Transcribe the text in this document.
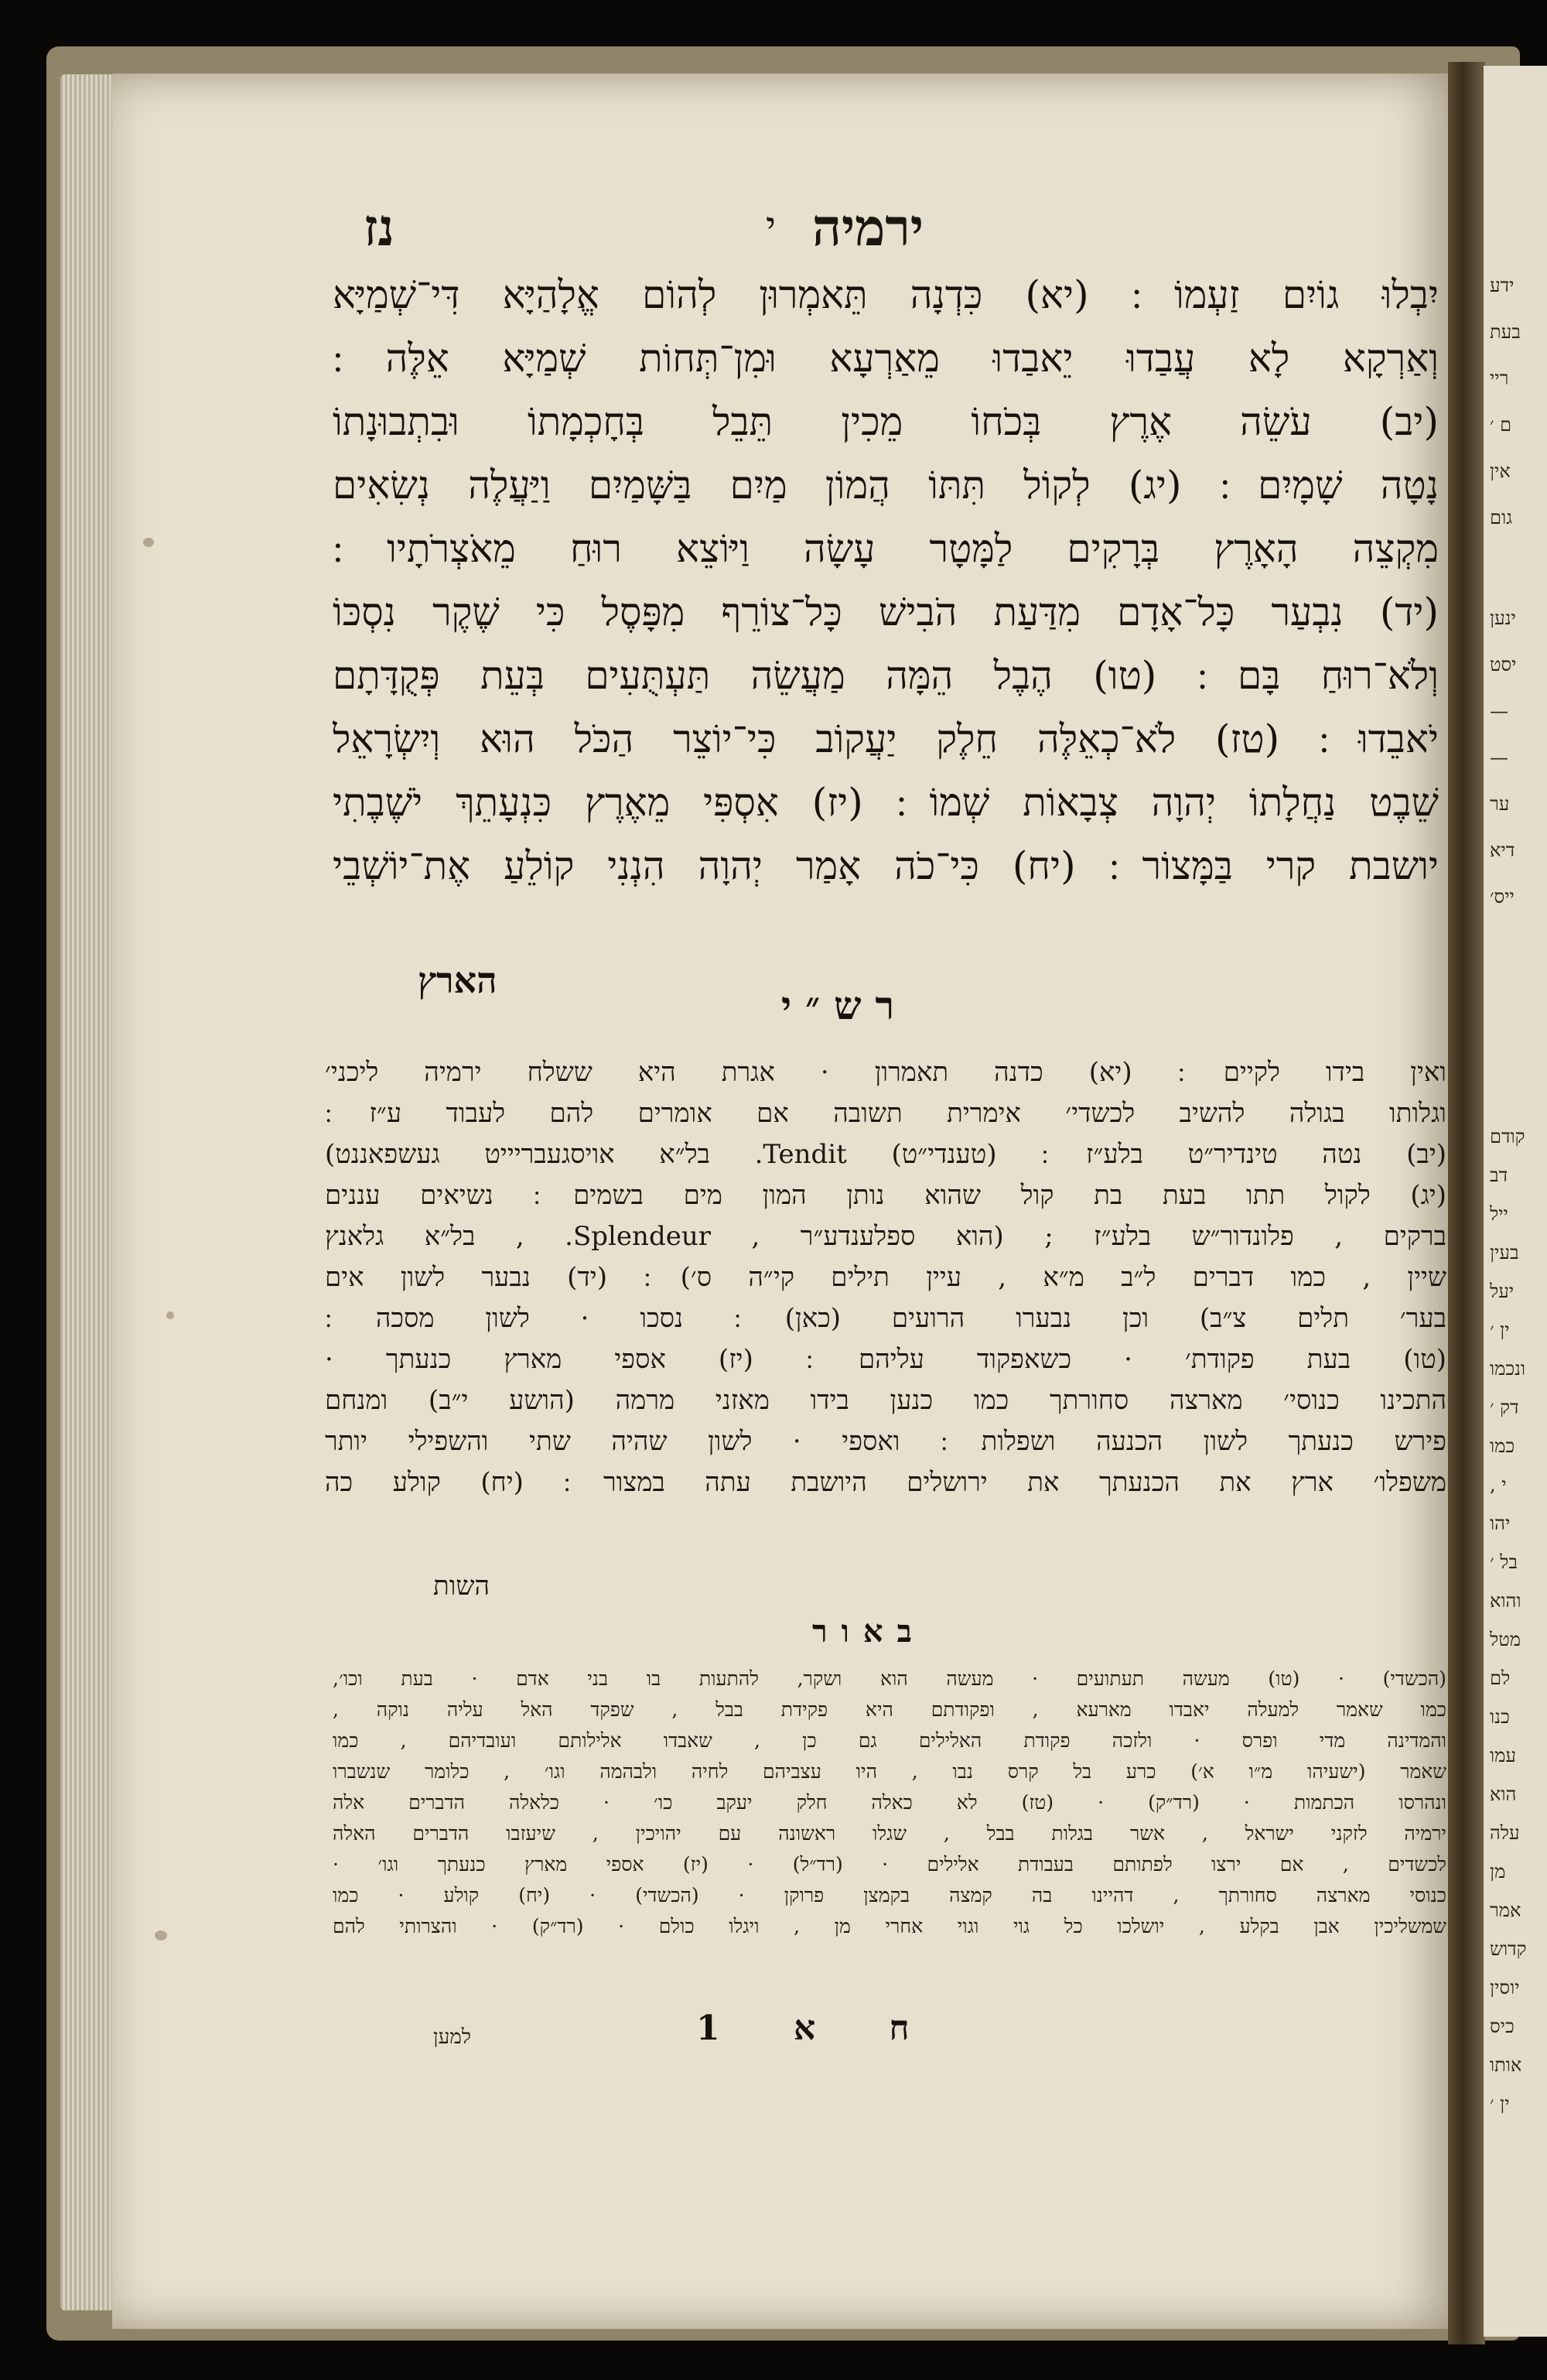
נז	י ירמיה
יִבְלוּ גוֹיִם זַעְמוֹ ׃ (יא) כִּדְנָה תֵּאמְרוּן לְהוֹם אֱלָהַיָּא דִּי־שְׁמַיָּא
וְאַרְקָא לָא עֲבַדוּ יֵאבַדוּ מֵאַרְעָא וּמִן־תְּחוֹת שְׁמַיָּא אֵלֶּה ׃
(יב) עֹשֵׂה אֶרֶץ בְּכֹחוֹ מֵכִין תֵּבֵל בְּחָכְמָתוֹ וּבִתְבוּנָתוֹ
נָטָה שָׁמָיִם ׃ (יג) לְקוֹל תִּתּוֹ הֲמוֹן מַיִם בַּשָּׁמַיִם וַיַּעֲלֶה נְשִׂאִים
מִקְצֵה הָאָרֶץ בְּרָקִים לַמָּטָר עָשָׂה וַיּוֹצֵא רוּחַ מֵאֹצְרֹתָיו ׃
(יד) נִבְעַר כָּל־אָדָם מִדַּעַת הֹבִישׁ כָּל־צוֹרֵף מִפָּסֶל כִּי שֶׁקֶר נִסְכּוֹ
וְלֹא־רוּחַ בָּם ׃ (טו) הֶבֶל הֵמָּה מַעֲשֵׂה תַּעְתֻּעִים בְּעֵת פְּקֻדָּתָם
יֹאבֵדוּ ׃ (טז) לֹא־כְאֵלֶּה חֵלֶק יַעֲקוֹב כִּי־יוֹצֵר הַכֹּל הוּא וְיִשְׂרָאֵל
שֵׁבֶט נַחֲלָתוֹ יְהוָה צְבָאוֹת שְׁמוֹ ׃ (יז) אִסְפִּי מֵאֶרֶץ כִּנְעָתֵךְ יֹשֶׁבֶתִי
יושבת קרי בַּמָּצוֹר ׃ (יח) כִּי־כֹה אָמַר יְהוָה הִנְנִי קוֹלֵעַ אֶת־יוֹשְׁבֵי
הארץ
רש״י
ואין בידו לקיים ׃ (יא) כדנה תאמרון · אגרת היא ששלח ירמיה ליכני׳
וגלותו בגולה להשיב לכשדי׳ אימרית תשובה אם אומרים להם לעבוד ע״ז ׃
(יב) נטה טינדיר״ט בלע״ז ׃ (טענדי״ט) Tendit. בל״א אויסגעבריייט געשפאננט)
(יג) לקול תתו בעת בת קול שהוא נותן המון מים בשמים ׃ נשיאים עננים
ברקים , פלונדור״ש בלע״ז ; (הוא ספלענדע״ר , Splendeur. , בל״א גלאנץ
שיין , כמו דברים ל״ב מ״א , עיין תילים קי״ה ס׳) ׃ (יד) נבער לשון אים
בער׳ תלים צ״ב) וכן נבערו הרועים (כאן) ׃ נסכו · לשון מסכה ׃
(טו) בעת פקודת׳ · כשאפקוד עליהם ׃ (יז) אספי מארץ כנעתך ·
התכינו כנוסי׳ מארצה סחורתך כמו כנען בידו מאזני מרמה (הושע י״ב) ומנחם
פירש כנעתך לשון הכנעה ושפלות ׃ ואספי · לשון שהיה שתי והשפילי יותר
משפלו׳ ארץ את הכנעתך את ירושלים היושבת עתה במצור ׃ (יח) קולע כה
השות
באור
(הכשדי) · (טו) מעשה תעתועים · מעשה הוא ושקר, להתעות בו בני אדם · בעת וכו׳,
כמו שאמר למעלה יאבדו מארעא , ופקודתם היא פקידת בבל , שפקד האל עליה נוקה ,
והמדינה מדי ופרס · ולזכה פקודת האלילים גם כן , שאבדו אלילותם ועובדיהם , כמו
שאמר (ישעיהו מ״ו א׳) כרע בל קרס נבו , היו עצביהם לחיה ולבהמה וגו׳ , כלומר שנשברו
ונהרסו הכתמות · (רד״ק) · (טז) לא כאלה חלק יעקב כו׳ · כלאלה הדברים אלה
ירמיה לזקני ישראל , אשר בגלות בבל , שגלו ראשונה עם יהויכין , שיעזבו הדברים האלה
לכשדים , אם ירצו לפתותם בעבודת אלילים · (רד״ל) · (יז) אספי מארץ כנעתך וגו׳ ·
כנוסי מארצה סחורתך , דהיינו בה קמצה בקמצן פרוקן · (הכשדי) · (יח) קולע · כמו
שמשליכין אבן בקלע , יושלכו כל גוי וגוי אחרי מן , ויגלו כולם · (רד״ק) · והצרותי להם
למען	ח א 1
ידע
בעת
ריי
ם ׳
אין
גום
ינען
יסט
—
—
ער
דיא
ייס׳
קודם
דב
ייל
בעין
יעל
ין ׳
ונכמו
דק ׳
כמו
י ,
יהו
בל ׳
והוא
מטל
לם
כנו
עמו
הוא
עלה
מן
אמר
קדוש
יוסין
כיס
אותו
ין ׳
